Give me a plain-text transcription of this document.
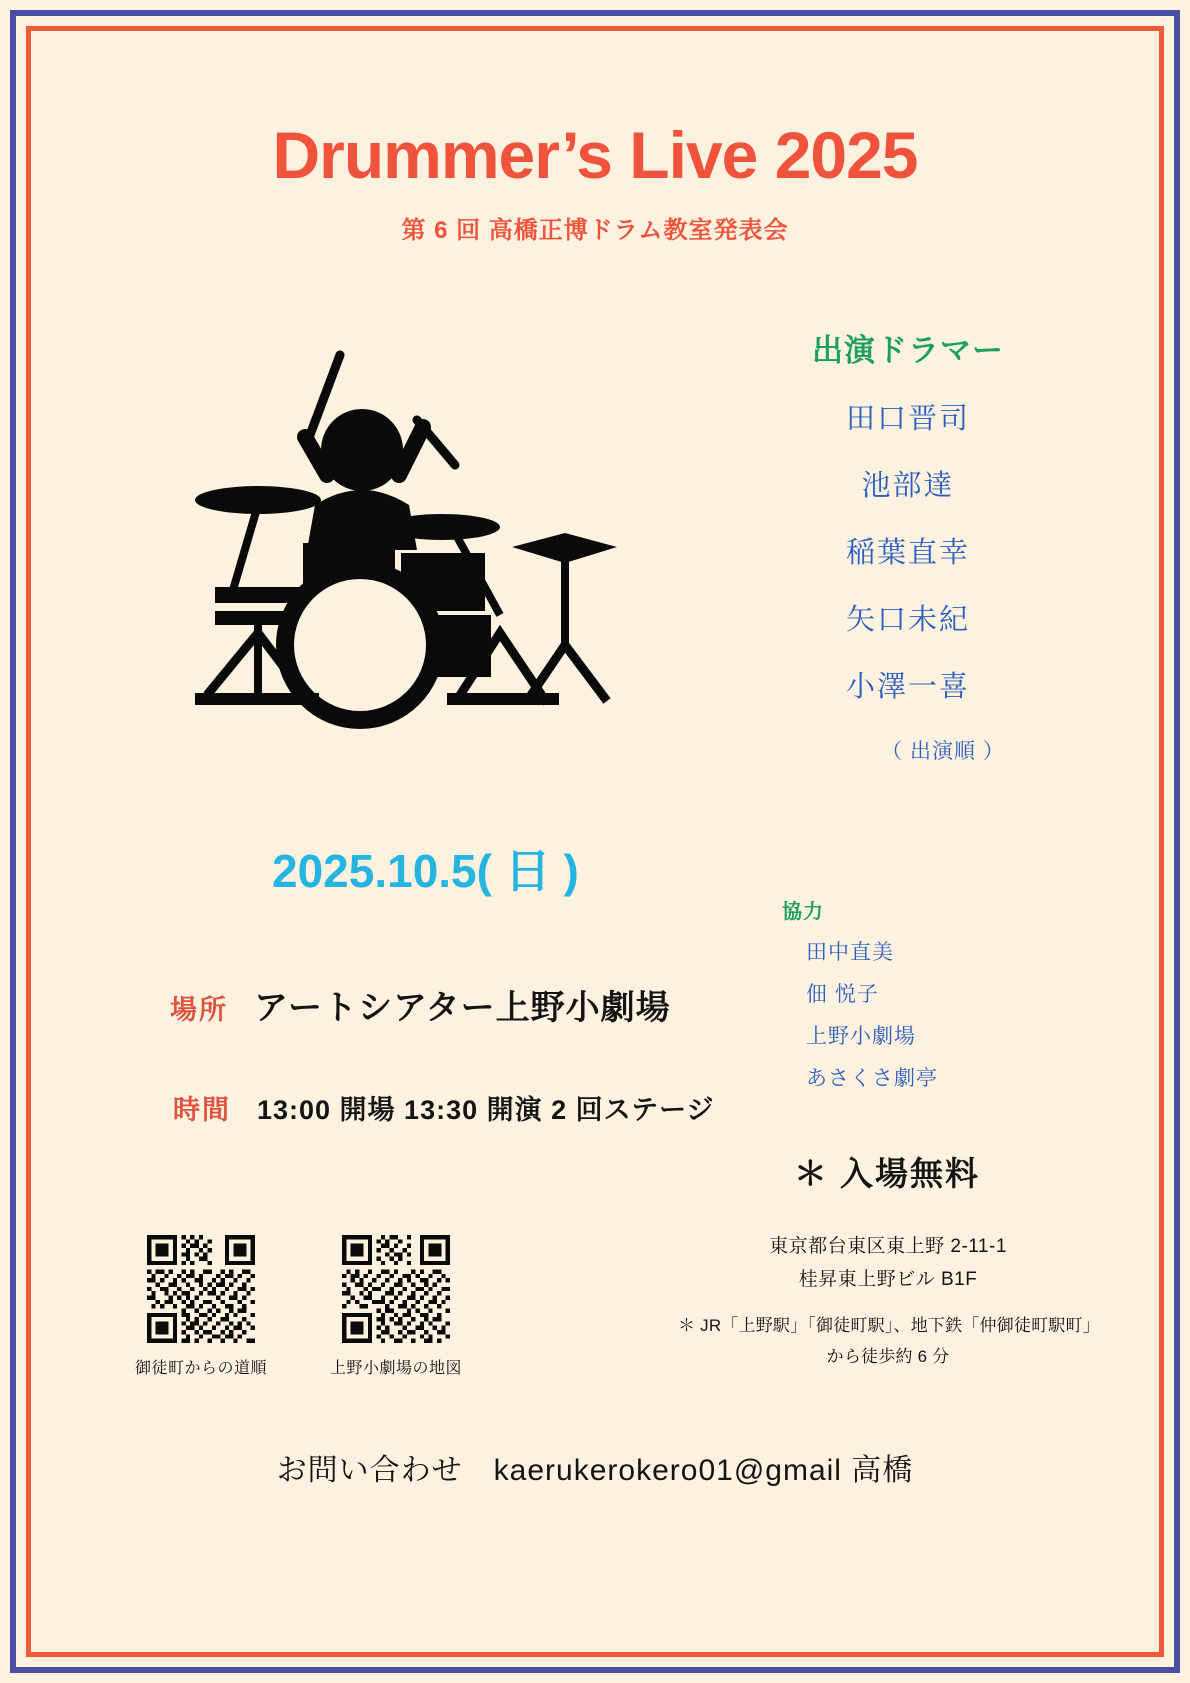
Drummer’s Live 2025
第 6 回 高橋正博ドラム教室発表会
出演ドラマー
田口晋司
池部達
稲葉直幸
矢口未紀
小澤一喜
（ 出演順 ）
2025.10.5( 日 )
場所 アートシアター上野小劇場
時間 13:00 開場 13:30 開演 2 回ステージ
協力
田中直美
佃 悦子
上野小劇場
あさくさ劇亭
＊ 入場無料
御徒町からの道順	上野小劇場の地図
東京都台東区東上野 2-11-1
桂昇東上野ビル B1F
＊ JR「上野駅」「御徒町駅」、地下鉄「仲御徒町駅町」
から徒歩約 6 分
お問い合わせ　kaerukerokero01@gmail 高橋
